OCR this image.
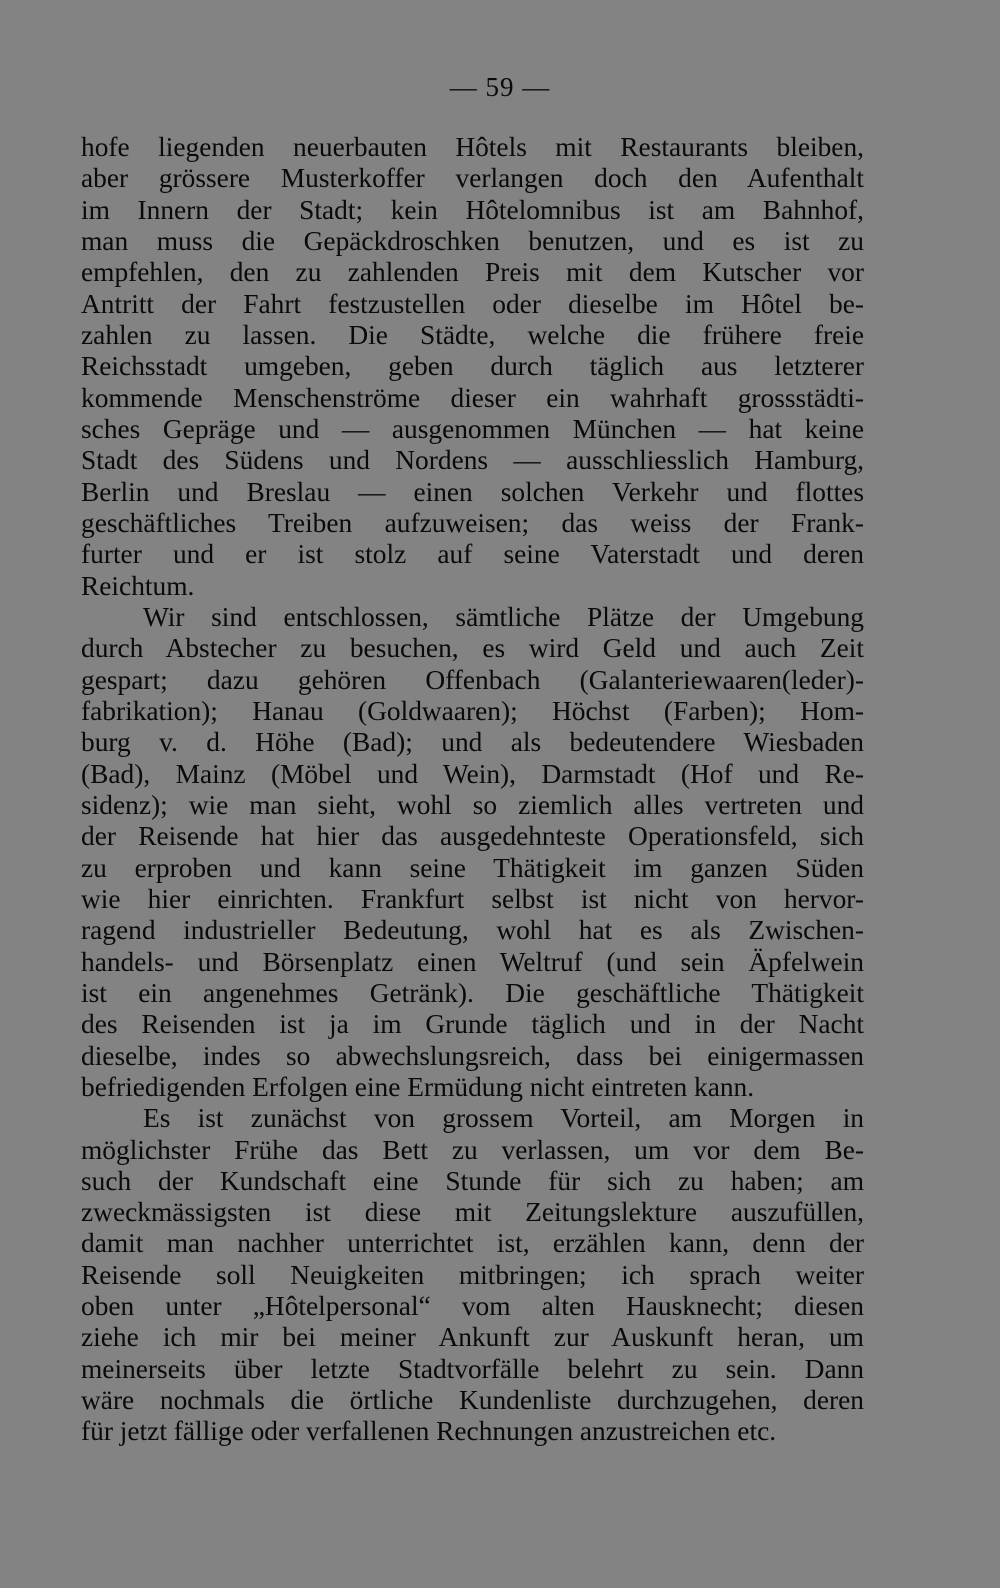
— 59 —
hofe liegenden neuerbauten Hôtels mit Restaurants bleiben,
aber grössere Musterkoffer verlangen doch den Aufenthalt
im Innern der Stadt; kein Hôtelomnibus ist am Bahnhof,
man muss die Gepäckdroschken benutzen, und es ist zu
empfehlen, den zu zahlenden Preis mit dem Kutscher vor
Antritt der Fahrt festzustellen oder dieselbe im Hôtel be-
zahlen zu lassen. Die Städte, welche die frühere freie
Reichsstadt umgeben, geben durch täglich aus letzterer
kommende Menschenströme dieser ein wahrhaft grossstädti-
sches Gepräge und — ausgenommen München — hat keine
Stadt des Südens und Nordens — ausschliesslich Hamburg,
Berlin und Breslau — einen solchen Verkehr und flottes
geschäftliches Treiben aufzuweisen; das weiss der Frank-
furter und er ist stolz auf seine Vaterstadt und deren
Reichtum.
Wir sind entschlossen, sämtliche Plätze der Umgebung
durch Abstecher zu besuchen, es wird Geld und auch Zeit
gespart; dazu gehören Offenbach (Galanteriewaaren(leder)-
fabrikation); Hanau (Goldwaaren); Höchst (Farben); Hom-
burg v. d. Höhe (Bad); und als bedeutendere Wiesbaden
(Bad), Mainz (Möbel und Wein), Darmstadt (Hof und Re-
sidenz); wie man sieht, wohl so ziemlich alles vertreten und
der Reisende hat hier das ausgedehnteste Operationsfeld, sich
zu erproben und kann seine Thätigkeit im ganzen Süden
wie hier einrichten. Frankfurt selbst ist nicht von hervor-
ragend industrieller Bedeutung, wohl hat es als Zwischen-
handels- und Börsenplatz einen Weltruf (und sein Äpfelwein
ist ein angenehmes Getränk). Die geschäftliche Thätigkeit
des Reisenden ist ja im Grunde täglich und in der Nacht
dieselbe, indes so abwechslungsreich, dass bei einigermassen
befriedigenden Erfolgen eine Ermüdung nicht eintreten kann.
Es ist zunächst von grossem Vorteil, am Morgen in
möglichster Frühe das Bett zu verlassen, um vor dem Be-
such der Kundschaft eine Stunde für sich zu haben; am
zweckmässigsten ist diese mit Zeitungslekture auszufüllen,
damit man nachher unterrichtet ist, erzählen kann, denn der
Reisende soll Neuigkeiten mitbringen; ich sprach weiter
oben unter „Hôtelpersonal“ vom alten Hausknecht; diesen
ziehe ich mir bei meiner Ankunft zur Auskunft heran, um
meinerseits über letzte Stadtvorfälle belehrt zu sein. Dann
wäre nochmals die örtliche Kundenliste durchzugehen, deren
für jetzt fällige oder verfallenen Rechnungen anzustreichen etc.
